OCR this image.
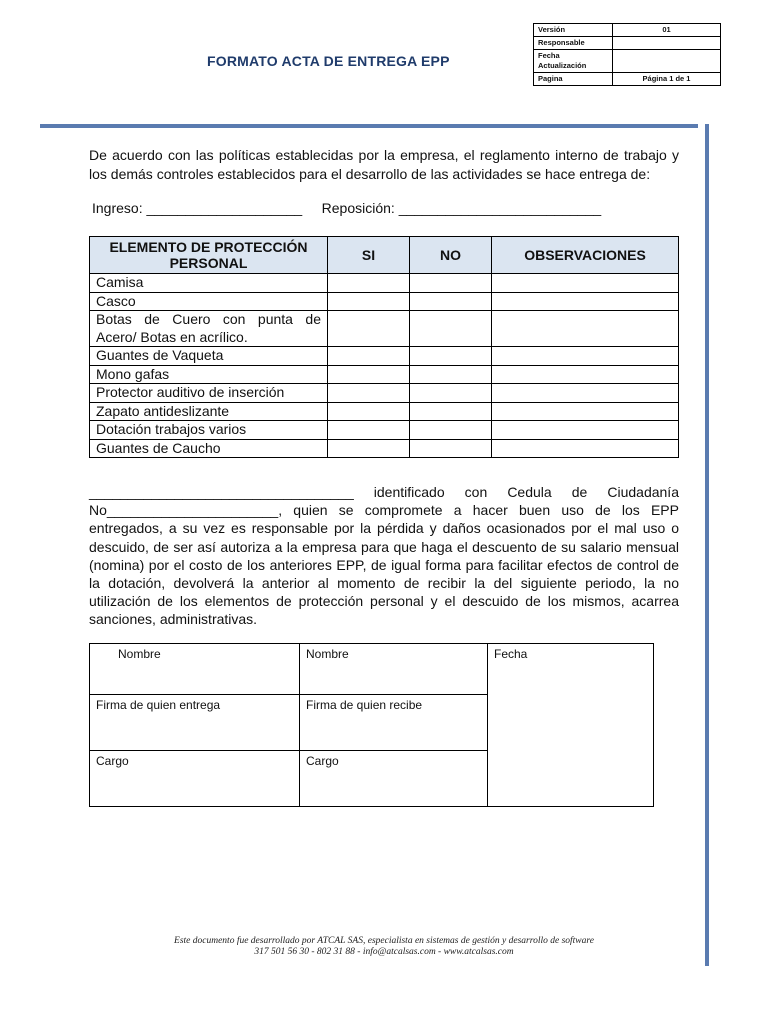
FORMATO ACTA DE ENTREGA EPP
Versión	01
Responsable	
Fecha Actualización	
Pagina	Página 1 de 1

De acuerdo con las políticas establecidas por la empresa, el reglamento interno de trabajo y los demás controles establecidos para el desarrollo de las actividades se hace entrega de:

Ingreso: ____________________ Reposición: __________________________
ELEMENTO DE PROTECCIÓN PERSONAL	SI	NO	OBSERVACIONES
Camisa			
Casco			
Botas de Cuero con punta de Acero/ Botas en acrílico.			
Guantes de Vaqueta			
Mono gafas			
Protector auditivo de inserción			
Zapato antideslizante			
Dotación trabajos varios			
Guantes de Caucho			

__________________________________ identificado con Cedula de Ciudadanía No______________________, quien se compromete a hacer buen uso de los EPP entregados, a su vez es responsable por la pérdida y daños ocasionados por el mal uso o descuido, de ser así autoriza a la empresa para que haga el descuento de su salario mensual (nomina) por el costo de los anteriores EPP, de igual forma para facilitar efectos de control de la dotación, devolverá la anterior al momento de recibir la del siguiente periodo, la no utilización de los elementos de protección personal y el descuido de los mismos, acarrea sanciones, administrativas.

Nombre	Nombre	Fecha
Firma de quien entrega	Firma de quien recibe	
Cargo	Cargo	
Este documento fue desarrollado por ATCAL SAS, especialista en sistemas de gestión y desarrollo de software
317 501 56 30 - 802 31 88 - info@atcalsas.com - www.atcalsas.com
